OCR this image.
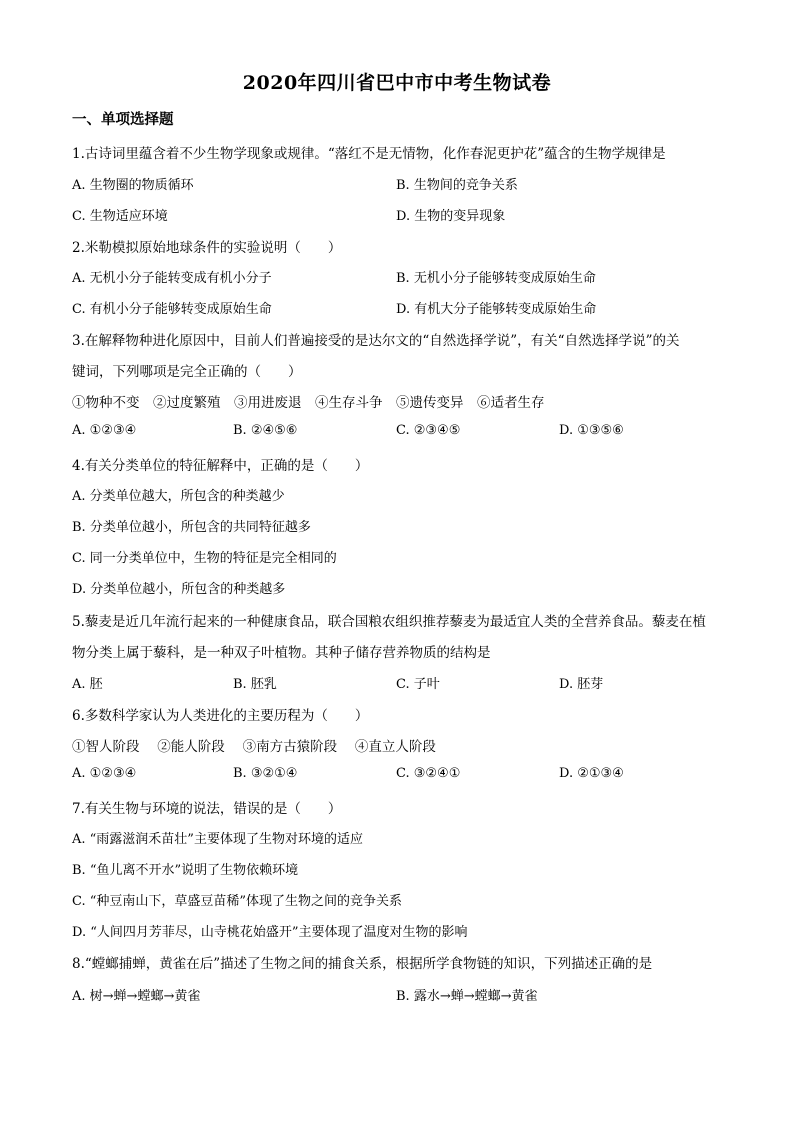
2020年四川省巴中市中考生物试卷
一、单项选择题
1.古诗词里蕴含着不少生物学现象或规律。“落红不是无情物，化作春泥更护花”蕴含的生物学规律是
A. 生物圈的物质循环	B. 生物间的竞争关系
C. 生物适应环境	D. 生物的变异现象
2.米勒模拟原始地球条件的实验说明（　　）
A. 无机小分子能转变成有机小分子	B. 无机小分子能够转变成原始生命
C. 有机小分子能够转变成原始生命	D. 有机大分子能够转变成原始生命
3.在解释物种进化原因中，目前人们普遍接受的是达尔文的“自然选择学说”，有关“自然选择学说”的关
键词，下列哪项是完全正确的（　　）
①物种不变　②过度繁殖　③用进废退　④生存斗争　⑤遗传变异　⑥适者生存
A. ①②③④	B. ②④⑤⑥	C. ②③④⑤	D. ①③⑤⑥
4.有关分类单位的特征解释中，正确的是（　　）
A. 分类单位越大，所包含的种类越少
B. 分类单位越小，所包含的共同特征越多
C. 同一分类单位中，生物的特征是完全相同的
D. 分类单位越小，所包含的种类越多
5.藜麦是近几年流行起来的一种健康食品，联合国粮农组织推荐藜麦为最适宜人类的全营养食品。藜麦在植
物分类上属于藜科，是一种双子叶植物。其种子储存营养物质的结构是
A. 胚	B. 胚乳	C. 子叶	D. 胚芽
6.多数科学家认为人类进化的主要历程为（　　）
①智人阶段　 ②能人阶段　 ③南方古猿阶段　 ④直立人阶段
A. ①②③④	B. ③②①④	C. ③②④①	D. ②①③④
7.有关生物与环境的说法，错误的是（　　）
A. “雨露滋润禾苗壮”主要体现了生物对环境的适应
B. “鱼儿离不开水”说明了生物依赖环境
C. “种豆南山下，草盛豆苗稀”体现了生物之间的竞争关系
D. “人间四月芳菲尽，山寺桃花始盛开”主要体现了温度对生物的影响
8.“螳螂捕蝉，黄雀在后”描述了生物之间的捕食关系，根据所学食物链的知识，下列描述正确的是
A. 树→蝉→螳螂→黄雀	B. 露水→蝉→螳螂→黄雀
